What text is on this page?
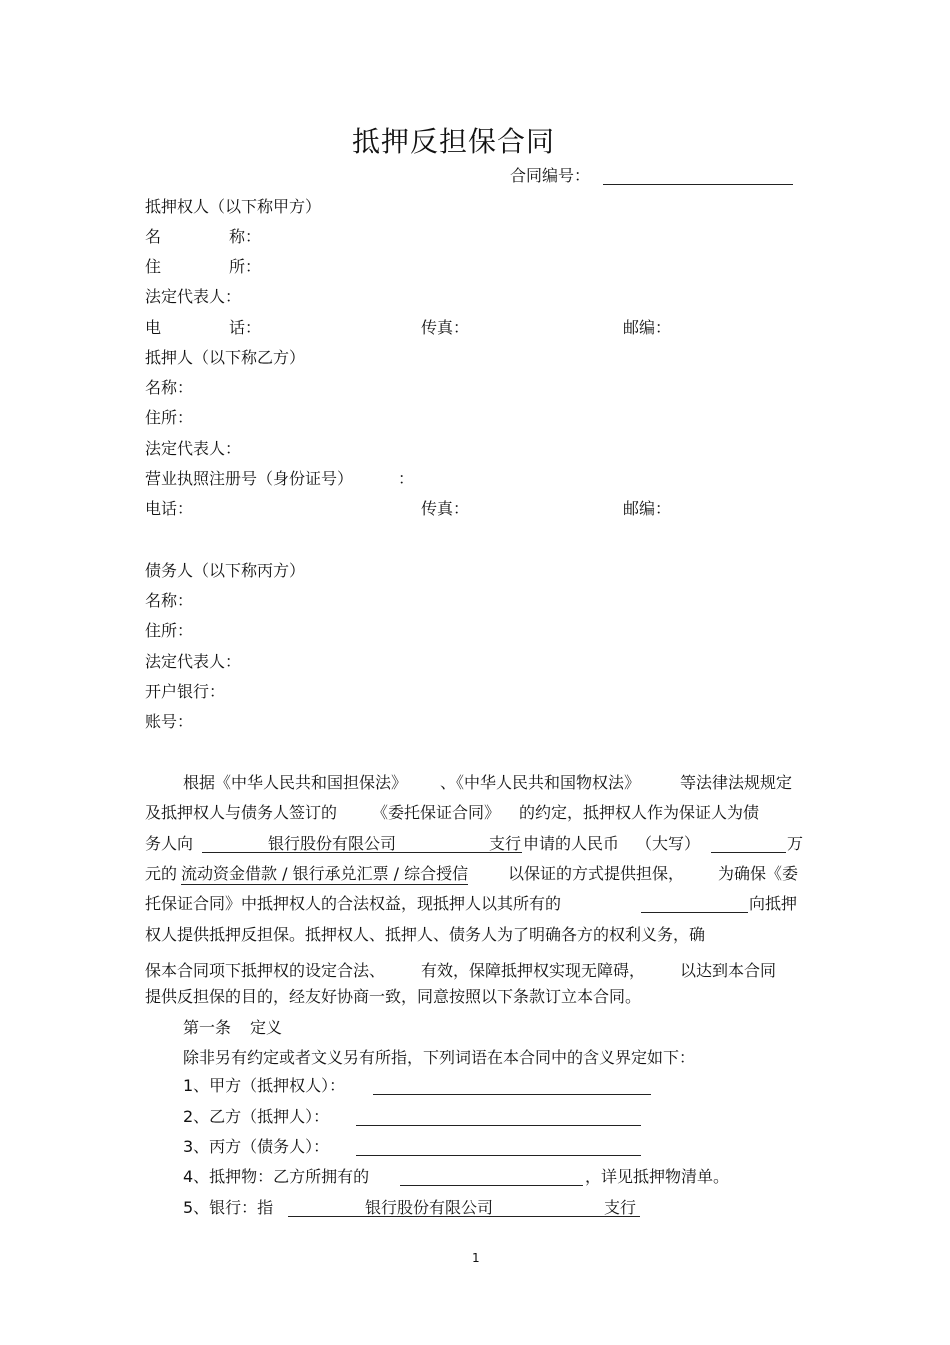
抵押反担保合同
合同编号：
抵押权人（以下称甲方）
名	称：
住	所：
法定代表人：
电	话：	传真：	邮编：
抵押人（以下称乙方）
名称：
住所：
法定代表人：
营业执照注册号（身份证号）	：
电话：	传真：	邮编：
债务人（以下称丙方）
名称：
住所：
法定代表人：
开户银行：
账号：
根据《中华人民共和国担保法》 、《中华人民共和国物权法》 等法律法规规定
及抵押权人与债务人签订的 《委托保证合同》 的约定，抵押权人作为保证人为债
务人向	银行股份有限公司	支行 申请的人民币 （大写）	万
元的 流动资金借款 / 银行承兑汇票 / 综合授信 以保证的方式提供担保， 为确保《委
托保证合同》中抵押权人的合法权益，现抵押人以其所有的	向抵押
权人提供抵押反担保。抵押权人、抵押人、债务人为了明确各方的权利义务，确
保本合同项下抵押权的设定合法、 有效，保障抵押权实现无障碍， 以达到本合同
提供反担保的目的，经友好协商一致，同意按照以下条款订立本合同。
第一条 定义
除非另有约定或者文义另有所指，下列词语在本合同中的含义界定如下：
1、甲方（抵押权人）：
2、乙方（抵押人）：
3、丙方（债务人）：
4、抵押物：乙方所拥有的	，详见抵押物清单。
5、银行：指	银行股份有限公司	支行
1
